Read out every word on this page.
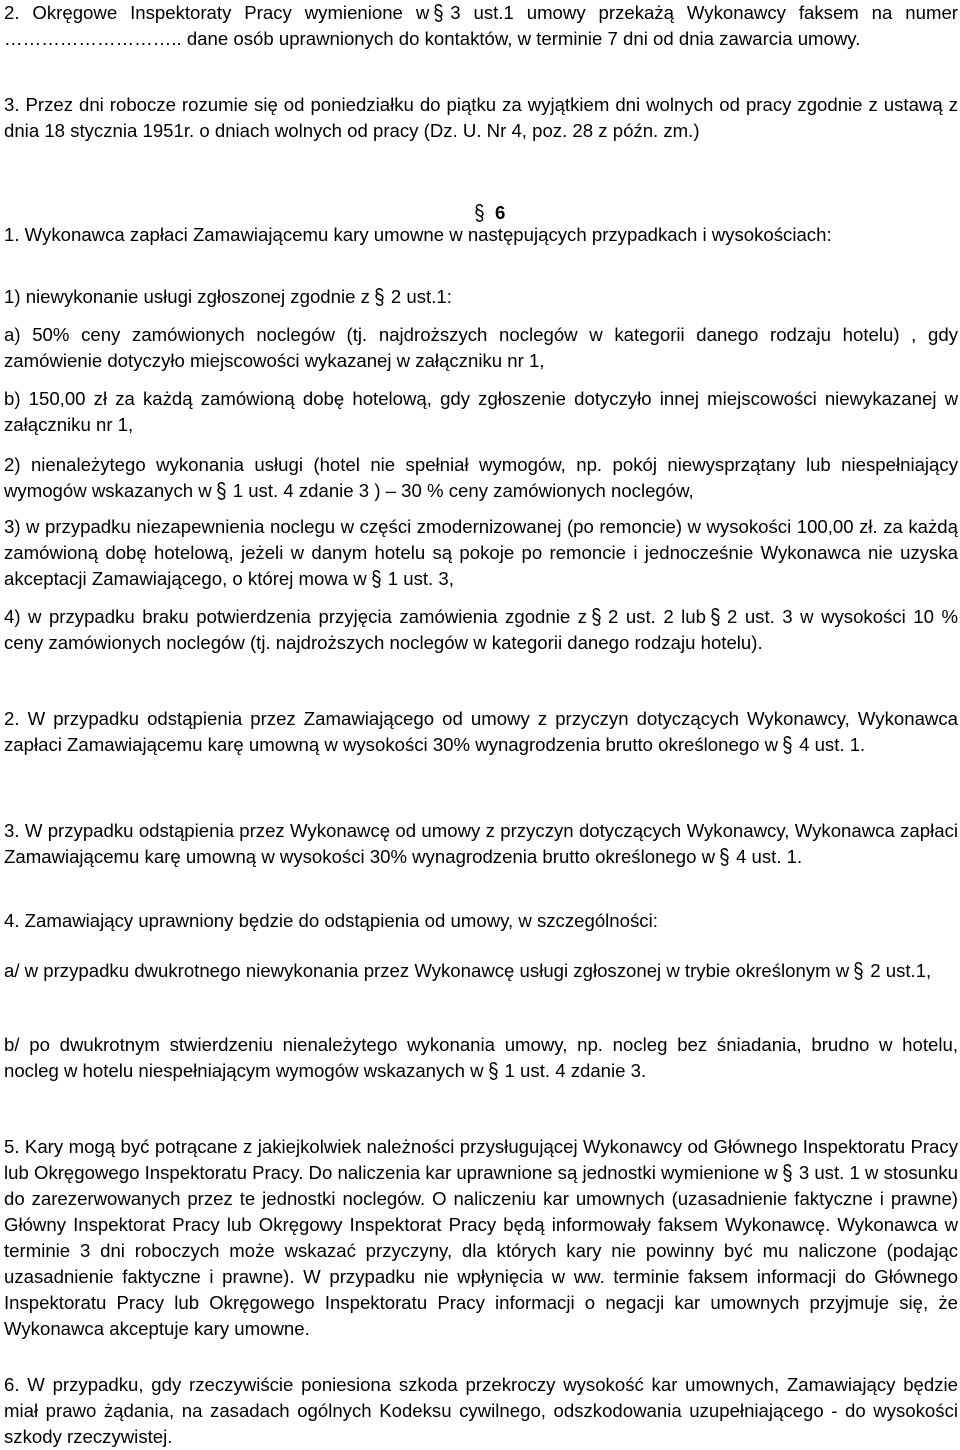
2. Okręgowe Inspektoraty Pracy wymienione w 3 ust.1 umowy przekażą Wykonawcy faksem na numer ……………………….. dane osób uprawnionych do kontaktów, w terminie 7 dni od dnia zawarcia umowy.

3. Przez dni robocze rozumie się od poniedziałku do piątku za wyjątkiem dni wolnych od pracy zgodnie z ustawą z dnia 18 stycznia 1951r. o dniach wolnych od pracy (Dz. U. Nr 4, poz. 28 z późn. zm.)

6

1. Wykonawca zapłaci Zamawiającemu kary umowne w następujących przypadkach i wysokościach:

1) niewykonanie usługi zgłoszonej zgodnie z 2 ust.1:

a) 50% ceny zamówionych noclegów (tj. najdroższych noclegów w kategorii danego rodzaju hotelu) , gdy zamówienie dotyczyło miejscowości wykazanej w załączniku nr 1,

b) 150,00 zł za każdą zamówioną dobę hotelową, gdy zgłoszenie dotyczyło innej miejscowości niewykazanej w załączniku nr 1,

2) nienależytego wykonania usługi (hotel nie spełniał wymogów, np. pokój niewysprzątany lub niespełniający wymogów wskazanych w 1 ust. 4 zdanie 3 ) – 30 % ceny zamówionych noclegów,

3) w przypadku niezapewnienia noclegu w części zmodernizowanej (po remoncie) w wysokości 100,00 zł. za każdą zamówioną dobę hotelową, jeżeli w danym hotelu są pokoje po remoncie i jednocześnie Wykonawca nie uzyska akceptacji Zamawiającego, o której mowa w 1 ust. 3,

4) w przypadku braku potwierdzenia przyjęcia zamówienia zgodnie z 2 ust. 2 lub 2 ust. 3 w wysokości 10 % ceny zamówionych noclegów (tj. najdroższych noclegów w kategorii danego rodzaju hotelu).

2. W przypadku odstąpienia przez Zamawiającego od umowy z przyczyn dotyczących Wykonawcy, Wykonawca zapłaci Zamawiającemu karę umowną w wysokości 30% wynagrodzenia brutto określonego w 4 ust. 1.

3. W przypadku odstąpienia przez Wykonawcę od umowy z przyczyn dotyczących Wykonawcy, Wykonawca zapłaci Zamawiającemu karę umowną w wysokości 30% wynagrodzenia brutto określonego w 4 ust. 1.

4. Zamawiający uprawniony będzie do odstąpienia od umowy, w szczególności:

a/ w przypadku dwukrotnego niewykonania przez Wykonawcę usługi zgłoszonej w trybie określonym w 2 ust.1,

b/ po dwukrotnym stwierdzeniu nienależytego wykonania umowy, np. nocleg bez śniadania, brudno w hotelu, nocleg w hotelu niespełniającym wymogów wskazanych w 1 ust. 4 zdanie 3.

5. Kary mogą być potrącane z jakiejkolwiek należności przysługującej Wykonawcy od Głównego Inspektoratu Pracy lub Okręgowego Inspektoratu Pracy. Do naliczenia kar uprawnione są jednostki wymienione w 3 ust. 1 w stosunku do zarezerwowanych przez te jednostki noclegów. O naliczeniu kar umownych (uzasadnienie faktyczne i prawne) Główny Inspektorat Pracy lub Okręgowy Inspektorat Pracy będą informowały faksem Wykonawcę. Wykonawca w terminie 3 dni roboczych może wskazać przyczyny, dla których kary nie powinny być mu naliczone (podając uzasadnienie faktyczne i prawne). W przypadku nie wpłynięcia w ww. terminie faksem informacji do Głównego Inspektoratu Pracy lub Okręgowego Inspektoratu Pracy informacji o negacji kar umownych przyjmuje się, że Wykonawca akceptuje kary umowne.

6. W przypadku, gdy rzeczywiście poniesiona szkoda przekroczy wysokość kar umownych, Zamawiający będzie miał prawo żądania, na zasadach ogólnych Kodeksu cywilnego, odszkodowania uzupełniającego - do wysokości szkody rzeczywistej.
